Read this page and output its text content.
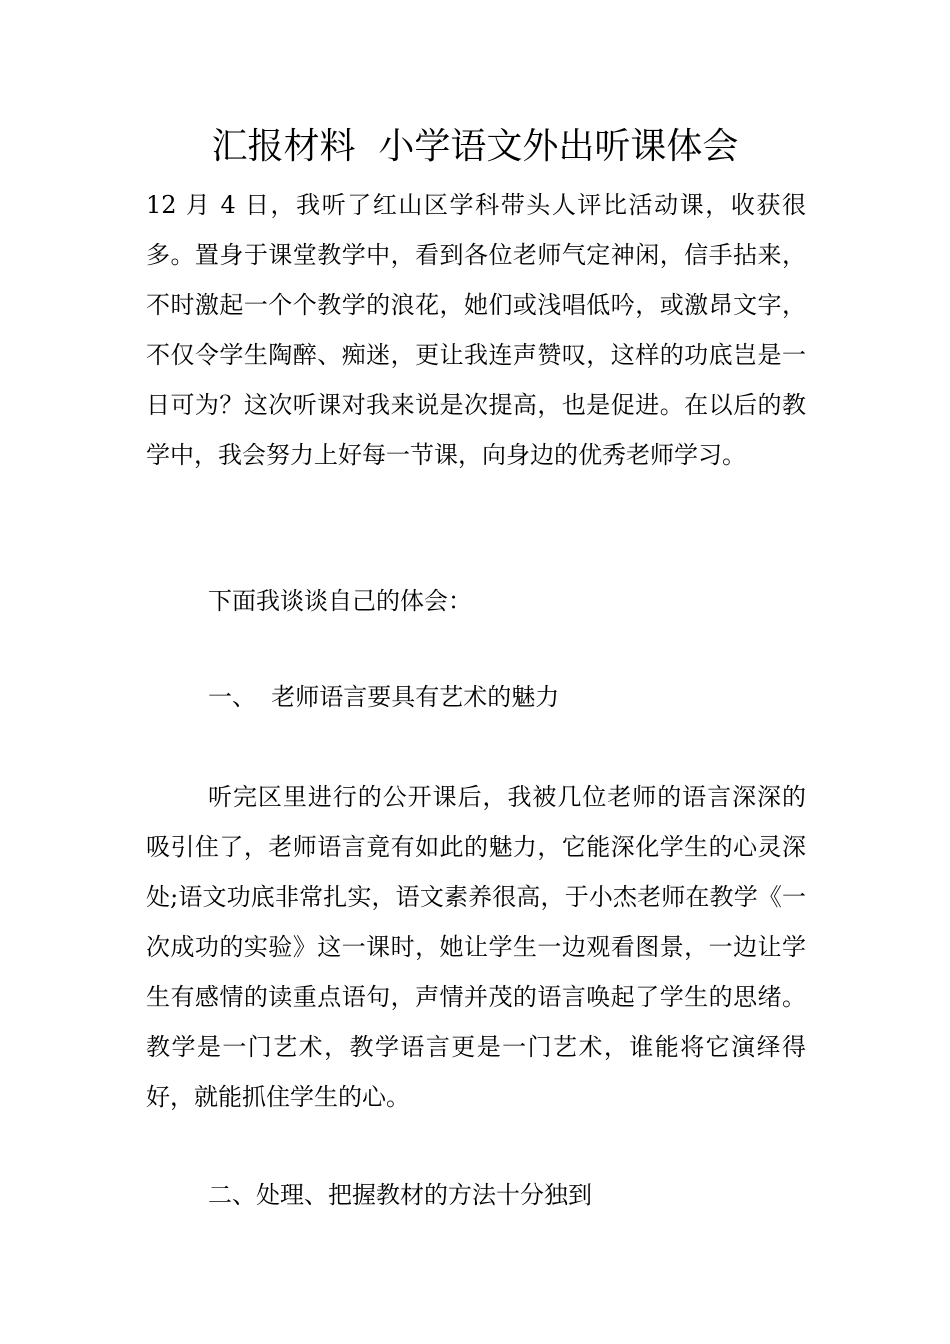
汇报材料  小学语文外出听课体会

12 月 4 日，我听了红山区学科带头人评比活动课，收获很多。置身于课堂教学中，看到各位老师气定神闲，信手拈来，不时激起一个个教学的浪花，她们或浅唱低吟，或激昂文字，不仅令学生陶醉、痴迷，更让我连声赞叹，这样的功底岂是一日可为？这次听课对我来说是次提高，也是促进。在以后的教学中，我会努力上好每一节课，向身边的优秀老师学习。

下面我谈谈自己的体会：

一、  老师语言要具有艺术的魅力

听完区里进行的公开课后，我被几位老师的语言深深的吸引住了，老师语言竟有如此的魅力，它能深化学生的心灵深处;语文功底非常扎实，语文素养很高，于小杰老师在教学《一次成功的实验》这一课时，她让学生一边观看图景，一边让学生有感情的读重点语句，声情并茂的语言唤起了学生的思绪。教学是一门艺术，教学语言更是一门艺术，谁能将它演绎得好，就能抓住学生的心。

二、处理、把握教材的方法十分独到
